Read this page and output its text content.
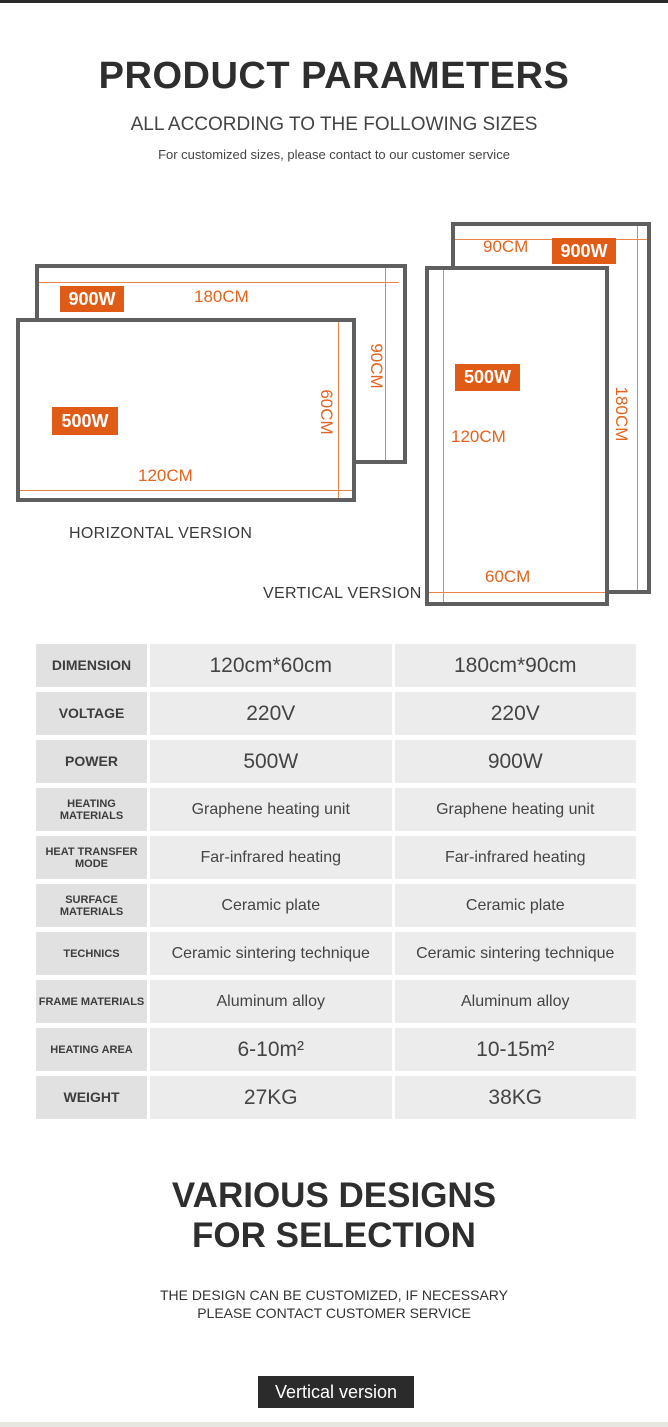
PRODUCT PARAMETERS
ALL ACCORDING TO THE FOLLOWING SIZES
For customized sizes, please contact to our customer service
900W	180CM
90CM
500W
120CM
60CM
HORIZONTAL VERSION
90CM	900W
180CM
500W
120CM
60CM
VERTICAL VERSION
DIMENSION	120cm*60cm	180cm*90cm
VOLTAGE	220V	220V
POWER	500W	900W
HEATING MATERIALS	Graphene heating unit	Graphene heating unit
HEAT TRANSFER MODE	Far-infrared heating	Far-infrared heating
SURFACE MATERIALS	Ceramic plate	Ceramic plate
TECHNICS	Ceramic sintering technique	Ceramic sintering technique
FRAME MATERIALS	Aluminum alloy	Aluminum alloy
HEATING AREA	6-10m²	10-15m²
WEIGHT	27KG	38KG
VARIOUS DESIGNS
FOR SELECTION
THE DESIGN CAN BE CUSTOMIZED, IF NECESSARY
PLEASE CONTACT CUSTOMER SERVICE
Vertical version
